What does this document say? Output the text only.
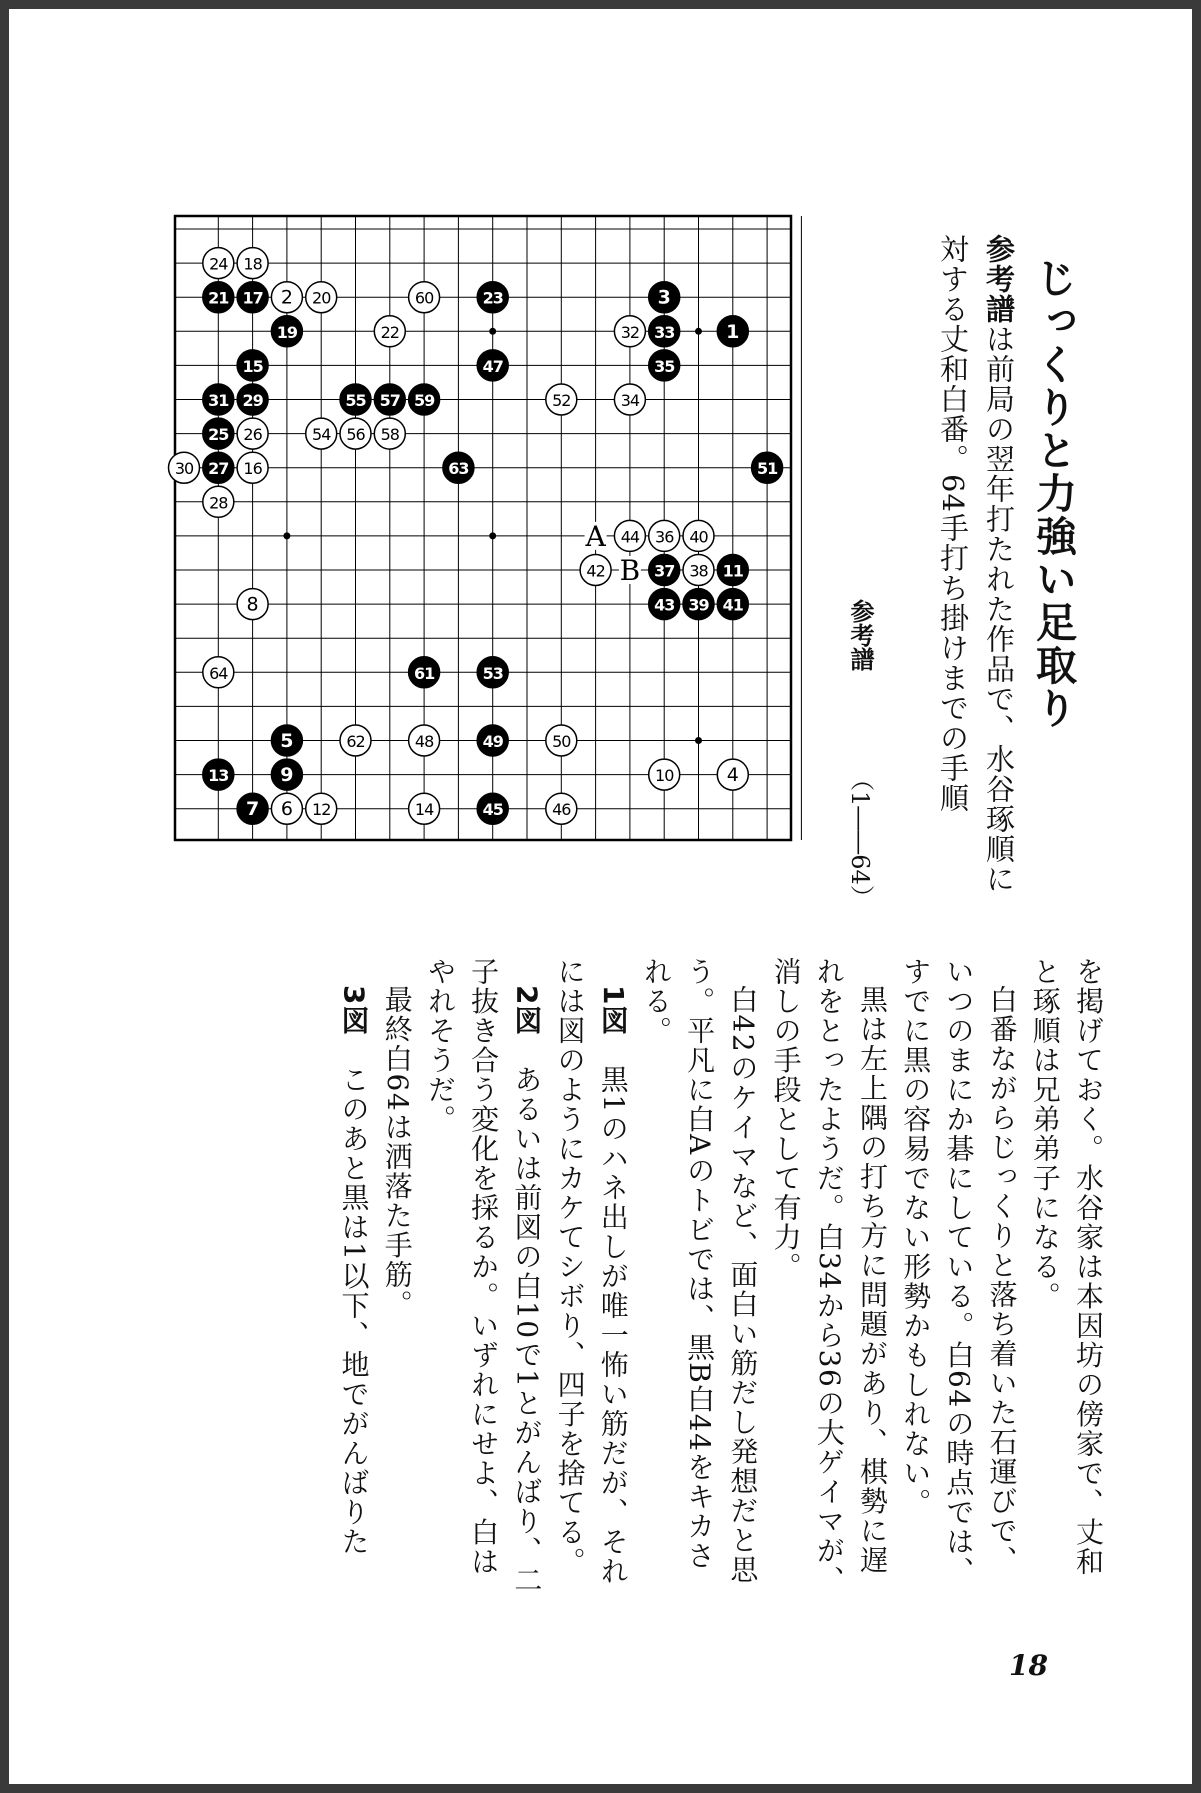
1
3
5
7
9
11
13
15
17
19
21	23
25
27
29
31
33
35
37
39 41
43
45
47
49
51
53
55 57 59
61
63
2
4
6
8
10
12	14
16
18
20
22
24
26
28
30
32
34
36
38
40
42
44
46
48	50
52
54 56 58
60
62
64
A
B	じっくりと力強い足取り
参考譜は前局の翌年打たれた作品で、水谷琢順に対する丈和白番。64手打ち掛けまでの手順
参考譜
（1――64）

を掲げておく。水谷家は本因坊の傍家で、丈和と琢順は兄弟弟子になる。

白番ながらじっくりと落ち着いた石運びで、いつのまにか碁にしている。白64の時点では、すでに黒の容易でない形勢かもしれない。

黒は左上隅の打ち方に問題があり、棋勢に遅れをとったようだ。白34から36の大ゲイマが、消しの手段として有力。

白42のケイマなど、面白い筋だし発想だと思う。平凡に白Aのトビでは、黒B白44をキカされる。

1図　黒1のハネ出しが唯一怖い筋だが、それには図のようにカケてシボり、四子を捨てる。

2図　あるいは前図の白10で1とがんばり、二子抜き合う変化を採るか。いずれにせよ、白はやれそうだ。

最終白64は洒落た手筋。

3図　このあと黒は1以下、地でがんばりた

18
